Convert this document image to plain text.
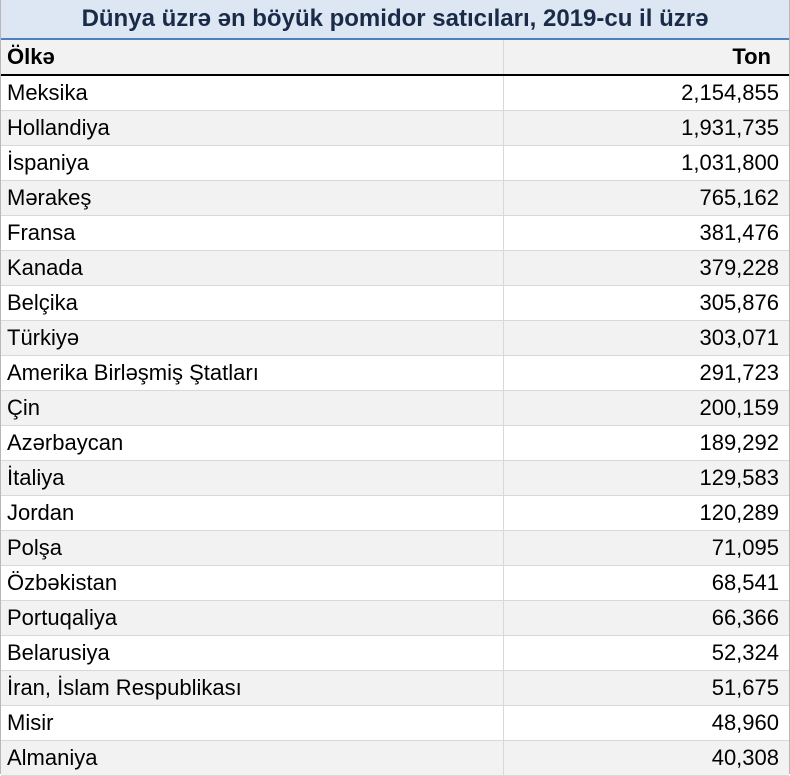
Dünya üzrə ən böyük pomidor satıcıları, 2019-cu il üzrə
Ölkə	Ton
Meksika	2,154,855
Hollandiya	1,931,735
İspaniya	1,031,800
Mərakeş	765,162
Fransa	381,476
Kanada	379,228
Belçika	305,876
Türkiyə	303,071
Amerika Birləşmiş Ştatları	291,723
Çin	200,159
Azərbaycan	189,292
İtaliya	129,583
Jordan	120,289
Polşa	71,095
Özbəkistan	68,541
Portuqaliya	66,366
Belarusiya	52,324
İran, İslam Respublikası	51,675
Misir	48,960
Almaniya	40,308
